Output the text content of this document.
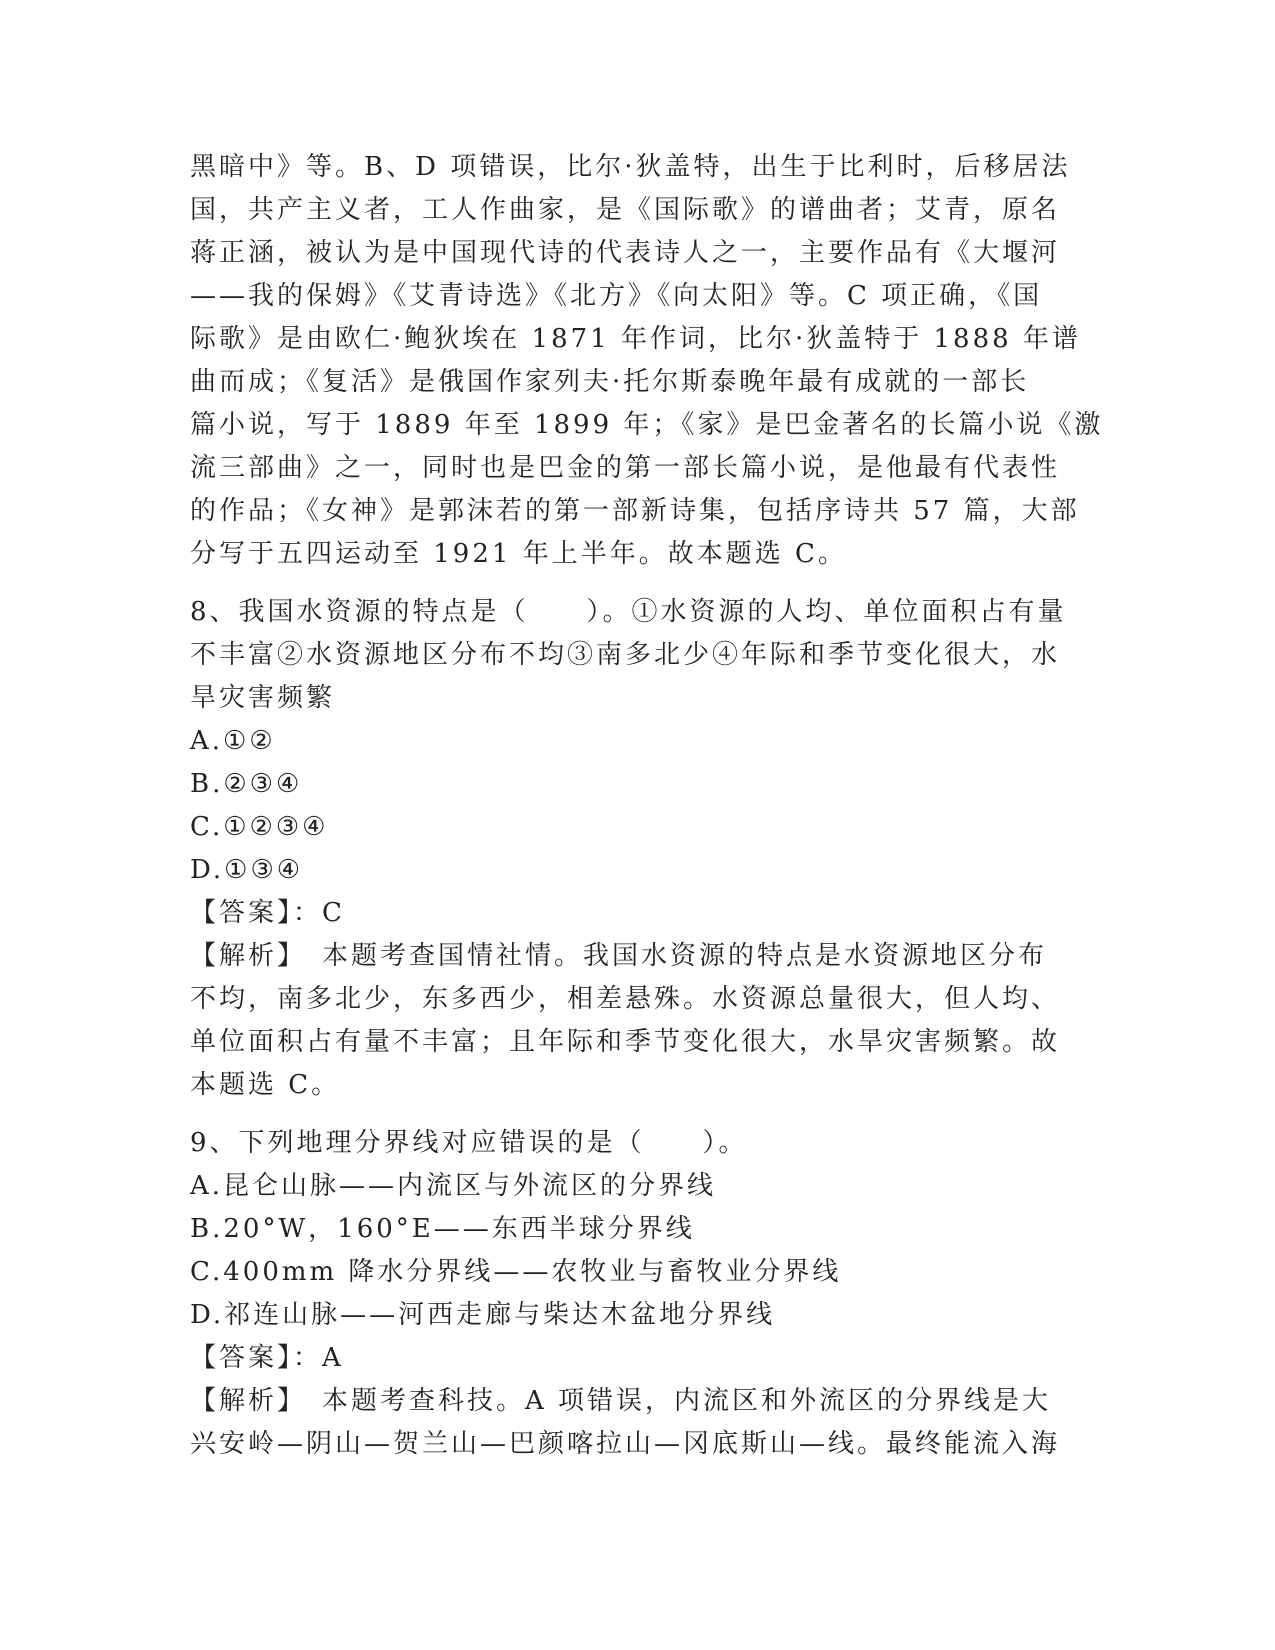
黑暗中》等。B、D 项错误，比尔·狄盖特，出生于比利时，后移居法
国，共产主义者，工人作曲家，是《国际歌》的谱曲者；艾青，原名
蒋正涵，被认为是中国现代诗的代表诗人之一，主要作品有《大堰河
——我的保姆》《艾青诗选》《北方》《向太阳》等。C 项正确，《国
际歌》是由欧仁·鲍狄埃在 1871 年作词，比尔·狄盖特于 1888 年谱
曲而成；《复活》是俄国作家列夫·托尔斯泰晚年最有成就的一部长
篇小说，写于 1889 年至 1899 年；《家》是巴金著名的长篇小说《激
流三部曲》之一，同时也是巴金的第一部长篇小说，是他最有代表性
的作品；《女神》是郭沫若的第一部新诗集，包括序诗共 57 篇，大部
分写于五四运动至 1921 年上半年。故本题选 C。
8、我国水资源的特点是（　　）。①水资源的人均、单位面积占有量
不丰富②水资源地区分布不均③南多北少④年际和季节变化很大，水
旱灾害频繁
A.①②
B.②③④
C.①②③④
D.①③④
【答案】：C
【解析】　本题考查国情社情。我国水资源的特点是水资源地区分布
不均，南多北少，东多西少，相差悬殊。水资源总量很大，但人均、
单位面积占有量不丰富；且年际和季节变化很大，水旱灾害频繁。故
本题选 C。
9、下列地理分界线对应错误的是（　　）。
A.昆仑山脉——内流区与外流区的分界线
B.20°W，160°E——东西半球分界线
C.400mm 降水分界线——农牧业与畜牧业分界线
D.祁连山脉——河西走廊与柴达木盆地分界线
【答案】：A
【解析】　本题考查科技。A 项错误，内流区和外流区的分界线是大
兴安岭—阴山—贺兰山—巴颜喀拉山—冈底斯山—线。最终能流入海
